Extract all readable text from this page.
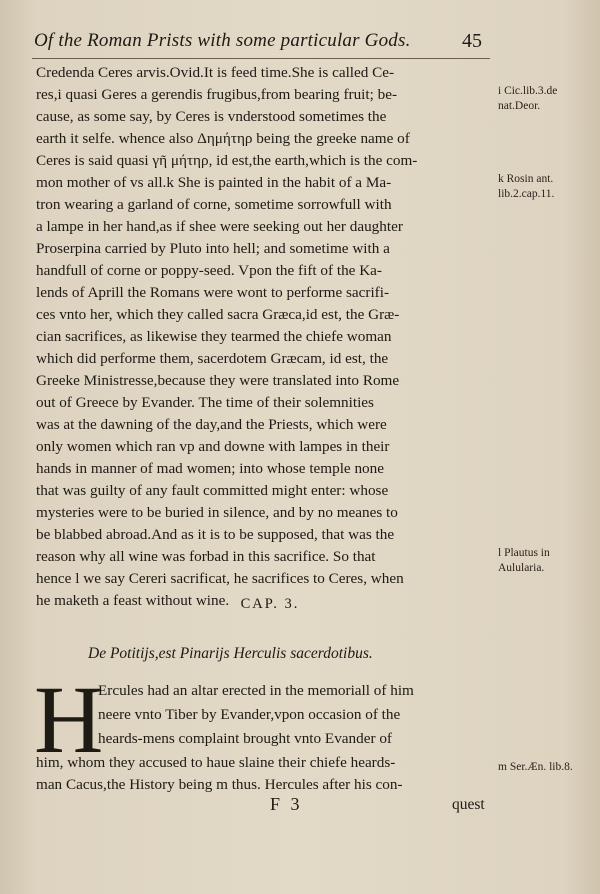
Of the Roman Prists with some particular Gods.	45
Credenda Ceres arvis.Ovid.It is feed time.She is called Ce-
res,i quasi Geres a gerendis frugibus,from bearing fruit; be-
cause, as some say, by Ceres is vnderstood sometimes the
earth it selfe. whence also Δημήτηρ being the greeke name of
Ceres is said quasi γῆ μήτηρ, id est,the earth,which is the com-
mon mother of vs all.k She is painted in the habit of a Ma-
tron wearing a garland of corne, sometime sorrowfull with
a lampe in her hand,as if shee were seeking out her daughter
Proserpina carried by Pluto into hell; and sometime with a
handfull of corne or poppy-seed. Vpon the fift of the Ka-
lends of Aprill the Romans were wont to performe sacrifi-
ces vnto her, which they called sacra Græca,id est, the Græ-
cian sacrifices, as likewise they tearmed the chiefe woman
which did performe them, sacerdotem Græcam, id est, the
Greeke Ministresse,because they were translated into Rome
out of Greece by Evander. The time of their solemnities
was at the dawning of the day,and the Priests, which were
only women which ran vp and downe with lampes in their
hands in manner of mad women; into whose temple none
that was guilty of any fault committed might enter: whose
mysteries were to be buried in silence, and by no meanes to
be blabbed abroad.And as it is to be supposed, that was the
reason why all wine was forbad in this sacrifice. So that
hence l we say Cereri sacrificat, he sacrifices to Ceres, when
he maketh a feast without wine.
i Cic.lib.3.de nat.Deor.
k Rosin ant. lib.2.cap.11.
l Plautus in Aulularia.
m Ser.Æn. lib.8.
CAP. 3.
De Potitijs,est Pinarijs Herculis sacerdotibus.
H
Ercules had an altar erected in the memoriall of him
neere vnto Tiber by Evander,vpon occasion of the
heards-mens complaint brought vnto Evander of
him, whom they accused to haue slaine their chiefe heards-
man Cacus,the History being m thus. Hercules after his con-
F 3	quest
